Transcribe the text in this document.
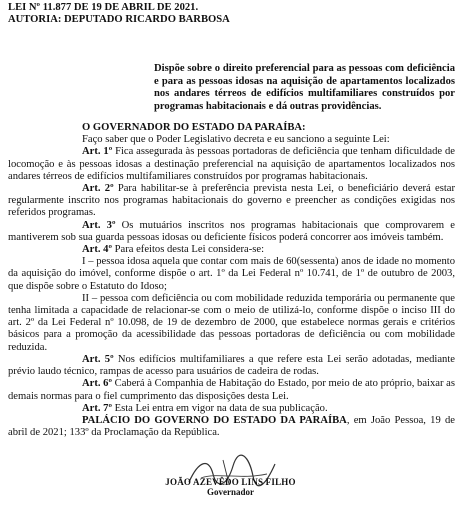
LEI Nº 11.877 DE 19 DE ABRIL DE 2021.

AUTORIA: DEPUTADO RICARDO BARBOSA

Dispõe sobre o direito preferencial para as pessoas com deficiência e para as pessoas idosas na aquisição de apartamentos localizados nos andares térreos de edifícios multifamiliares construídos por programas habitacionais e dá outras providências.

O GOVERNADOR DO ESTADO DA PARAÍBA:

Faço saber que o Poder Legislativo decreta e eu sanciono a seguinte Lei:

Art. 1º Fica assegurada às pessoas portadoras de deficiência que tenham dificuldade de locomoção e às pessoas idosas a destinação preferencial na aquisição de apartamentos localizados nos andares térreos de edifícios multifamiliares construídos por programas habitacionais.

Art. 2º Para habilitar-se à preferência prevista nesta Lei, o beneficiário deverá estar regularmente inscrito nos programas habitacionais do governo e preencher as condições exigidas nos referidos programas.

Art. 3º Os mutuários inscritos nos programas habitacionais que comprovarem e mantiverem sob sua guarda pessoas idosas ou deficiente físicos poderá concorrer aos imóveis também.

Art. 4º Para efeitos desta Lei considera-se:

I – pessoa idosa aquela que contar com mais de 60(sessenta) anos de idade no momento da aquisição do imóvel, conforme dispõe o art. 1º da Lei Federal nº 10.741, de 1º de outubro de 2003, que dispõe sobre o Estatuto do Idoso;

II – pessoa com deficiência ou com mobilidade reduzida temporária ou permanente que tenha limitada a capacidade de relacionar-se com o meio de utilizá-lo, conforme dispõe o inciso III do art. 2º da Lei Federal nº 10.098, de 19 de dezembro de 2000, que estabelece normas gerais e critérios básicos para a promoção da acessibilidade das pessoas portadoras de deficiência ou com mobilidade reduzida.

Art. 5º Nos edifícios multifamiliares a que refere esta Lei serão adotadas, mediante prévio laudo técnico, rampas de acesso para usuários de cadeira de rodas.

Art. 6º Caberá à Companhia de Habitação do Estado, por meio de ato próprio, baixar as demais normas para o fiel cumprimento das disposições desta Lei.

Art. 7º Esta Lei entra em vigor na data de sua publicação.

PALÁCIO DO GOVERNO DO ESTADO DA PARAÍBA, em João Pessoa, 19 de abril de 2021; 133º da Proclamação da República.

JOÃO AZEVÊDO LINS FILHO
Governador
